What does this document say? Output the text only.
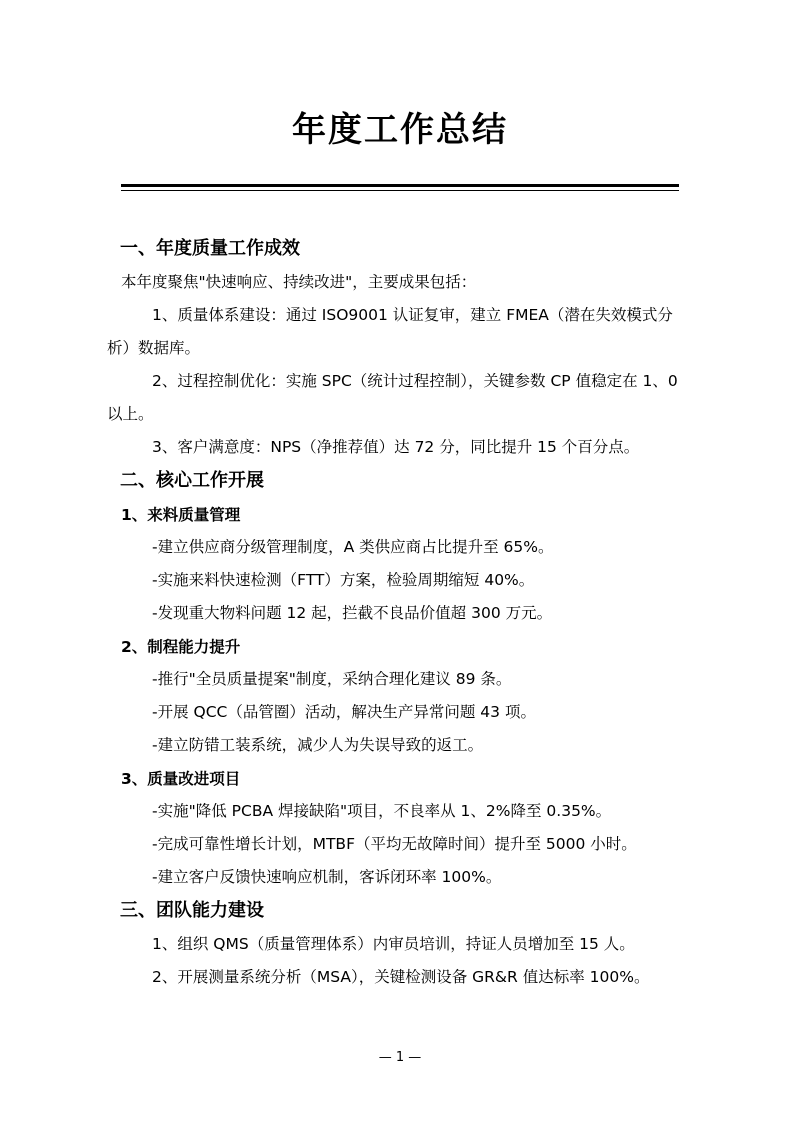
年度工作总结
一、年度质量工作成效

本年度聚焦"快速响应、持续改进"，主要成果包括：

1、质量体系建设：通过 ISO9001 认证复审，建立 FMEA（潜在失效模式分析）数据库。

2、过程控制优化：实施 SPC（统计过程控制），关键参数 CP 值稳定在 1、0 以上。

3、客户满意度：NPS（净推荐值）达 72 分，同比提升 15 个百分点。

二、核心工作开展
1、来料质量管理

-建立供应商分级管理制度，A 类供应商占比提升至 65%。

-实施来料快速检测（FTT）方案，检验周期缩短 40%。

-发现重大物料问题 12 起，拦截不良品价值超 300 万元。

2、制程能力提升

-推行"全员质量提案"制度，采纳合理化建议 89 条。

-开展 QCC（品管圈）活动，解决生产异常问题 43 项。

-建立防错工装系统，减少人为失误导致的返工。

3、质量改进项目

-实施"降低 PCBA 焊接缺陷"项目，不良率从 1、2%降至 0.35%。

-完成可靠性增长计划，MTBF（平均无故障时间）提升至 5000 小时。

-建立客户反馈快速响应机制，客诉闭环率 100%。

三、团队能力建设

1、组织 QMS（质量管理体系）内审员培训，持证人员增加至 15 人。

2、开展测量系统分析（MSA），关键检测设备 GR&R 值达标率 100%。

— 1 —
